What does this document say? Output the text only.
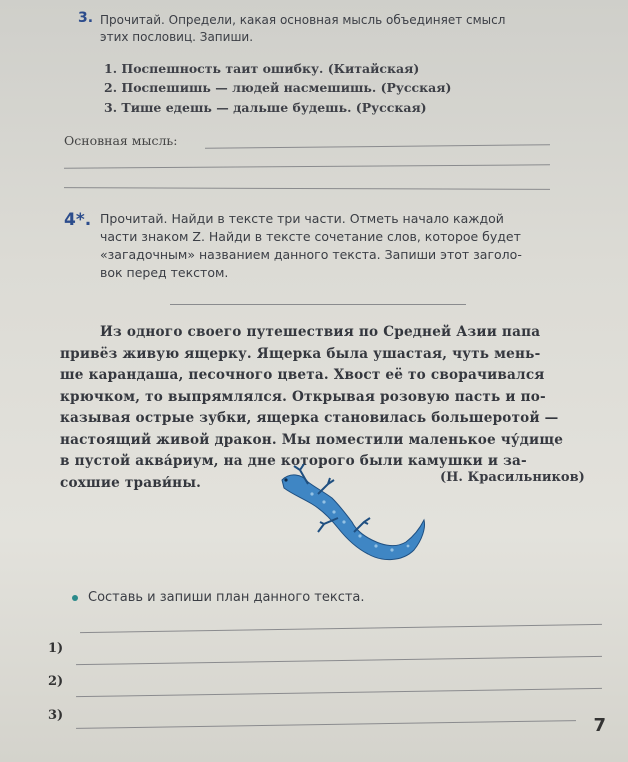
3. Прочитай. Определи, какая основная мысль объединяет смысл
этих пословиц. Запиши.
1. Поспешность таит ошибку. (Китайская)
2. Поспешишь — людей насмешишь. (Русская)
3. Тише едешь — дальше будешь. (Русская)
Основная мысль:
4*. Прочитай. Найди в тексте три части. Отметь начало каждой
части знаком Z. Найди в тексте сочетание слов, которое будет
«загадочным» названием данного текста. Запиши этот заголо-
вок перед текстом.

Из одного своего путешествия по Средней Азии папа

привёз живую ящерку. Ящерка была ушастая, чуть мень-

ше карандаша, песочного цвета. Хвост её то сворачивался

крючком, то выпрямлялся. Открывая розовую пасть и по-

казывая острые зубки, ящерка становилась большеротой —

настоящий живой дракон. Мы поместили маленькое чу́дище

в пустой аква́риум, на дне которого были камушки и за-

сохшие трави́ны.	(Н. Красильников)
Составь и запиши план данного текста.
1)
2)
3)	7
